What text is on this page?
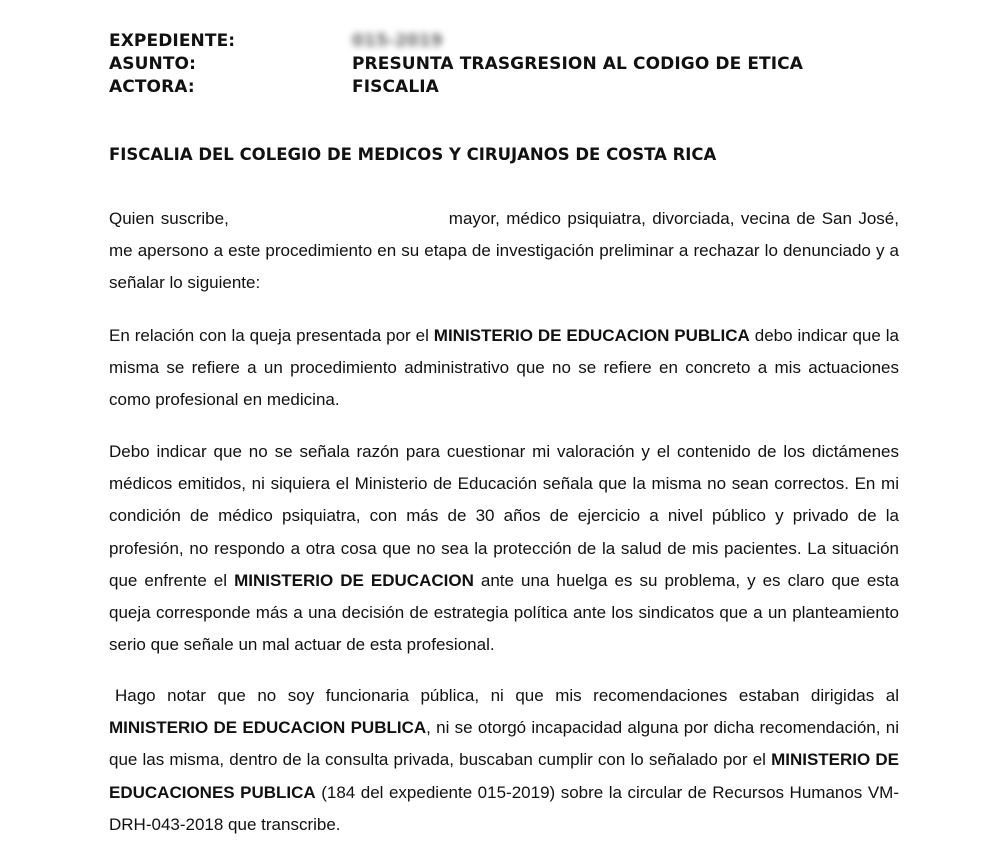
EXPEDIENTE:	015-2019
ASUNTO:	PRESUNTA TRASGRESION AL CODIGO DE ETICA
ACTORA:	FISCALIA
FISCALIA DEL COLEGIO DE MEDICOS Y CIRUJANOS DE COSTA RICA

Quien suscribe,	mayor, médico psiquiatra, divorciada, vecina de San José, me apersono a este procedimiento en su etapa de investigación preliminar a rechazar lo denunciado y a señalar lo siguiente:

En relación con la queja presentada por el MINISTERIO DE EDUCACION PUBLICA debo indicar que la misma se refiere a un procedimiento administrativo que no se refiere en concreto a mis actuaciones como profesional en medicina.

Debo indicar que no se señala razón para cuestionar mi valoración y el contenido de los dictámenes médicos emitidos, ni siquiera el Ministerio de Educación señala que la misma no sean correctos. En mi condición de médico psiquiatra, con más de 30 años de ejercicio a nivel público y privado de la profesión, no respondo a otra cosa que no sea la protección de la salud de mis pacientes. La situación que enfrente el MINISTERIO DE EDUCACION ante una huelga es su problema, y es claro que esta queja corresponde más a una decisión de estrategia política ante los sindicatos que a un planteamiento serio que señale un mal actuar de esta profesional.

Hago notar que no soy funcionaria pública, ni que mis recomendaciones estaban dirigidas al MINISTERIO DE EDUCACION PUBLICA, ni se otorgó incapacidad alguna por dicha recomendación, ni que las misma, dentro de la consulta privada, buscaban cumplir con lo señalado por el MINISTERIO DE EDUCACIONES PUBLICA (184 del expediente 015-2019) sobre la circular de Recursos Humanos VM-DRH-043-2018 que transcribe.
